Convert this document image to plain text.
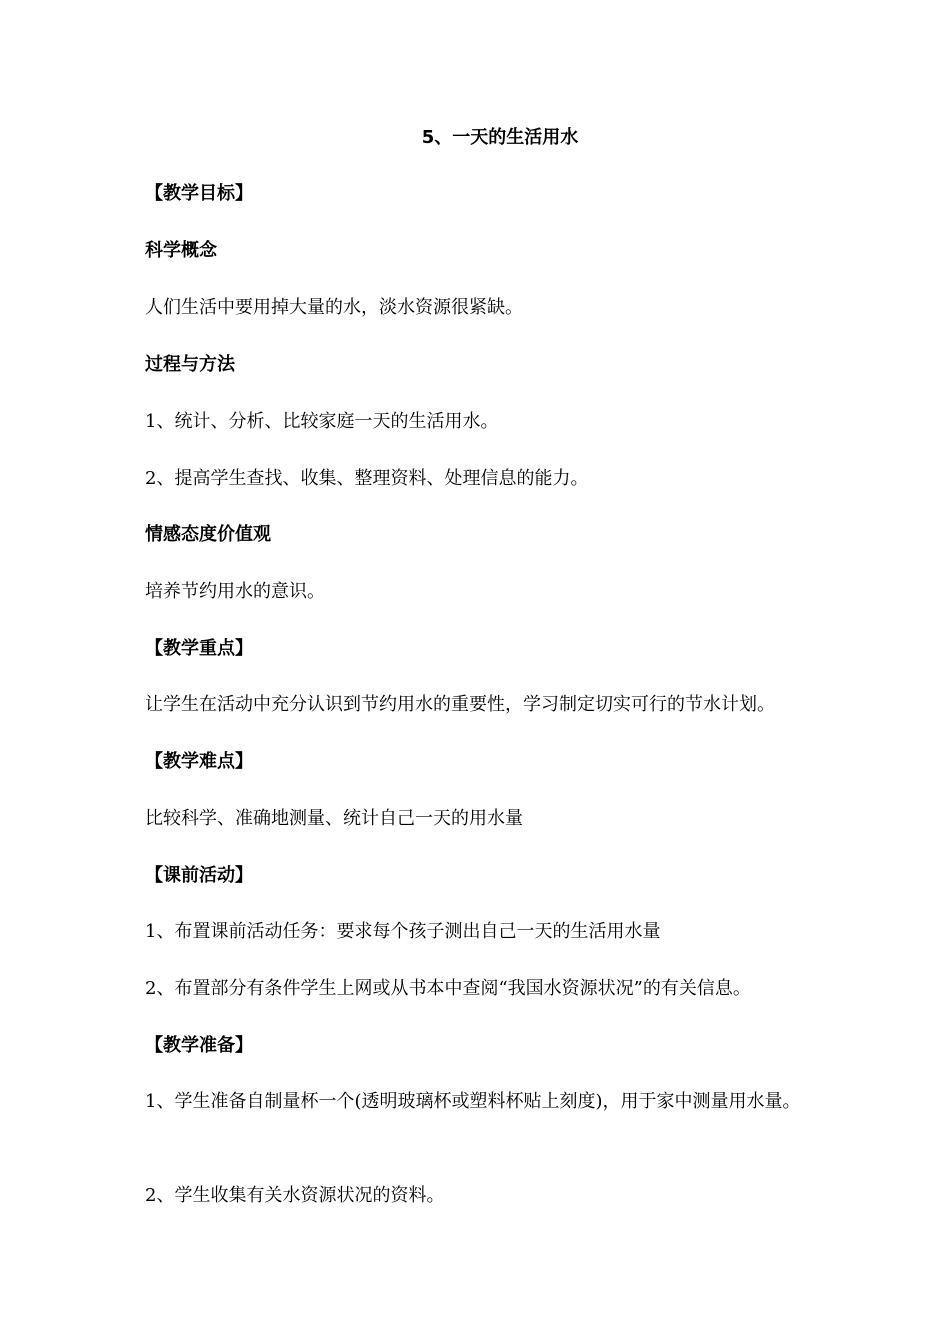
5、一天的生活用水
【教学目标】
科学概念
人们生活中要用掉大量的水，淡水资源很紧缺。
过程与方法
1、统计、分析、比较家庭一天的生活用水。
2、提高学生查找、收集、整理资料、处理信息的能力。
情感态度价值观
培养节约用水的意识。
【教学重点】
让学生在活动中充分认识到节约用水的重要性，学习制定切实可行的节水计划。
【教学难点】
比较科学、准确地测量、统计自己一天的用水量
【课前活动】
1、布置课前活动任务：要求每个孩子测出自己一天的生活用水量
2、布置部分有条件学生上网或从书本中查阅“我国水资源状况”的有关信息。
【教学准备】
1、学生准备自制量杯一个(透明玻璃杯或塑料杯贴上刻度)，用于家中测量用水量。
2、学生收集有关水资源状况的资料。
